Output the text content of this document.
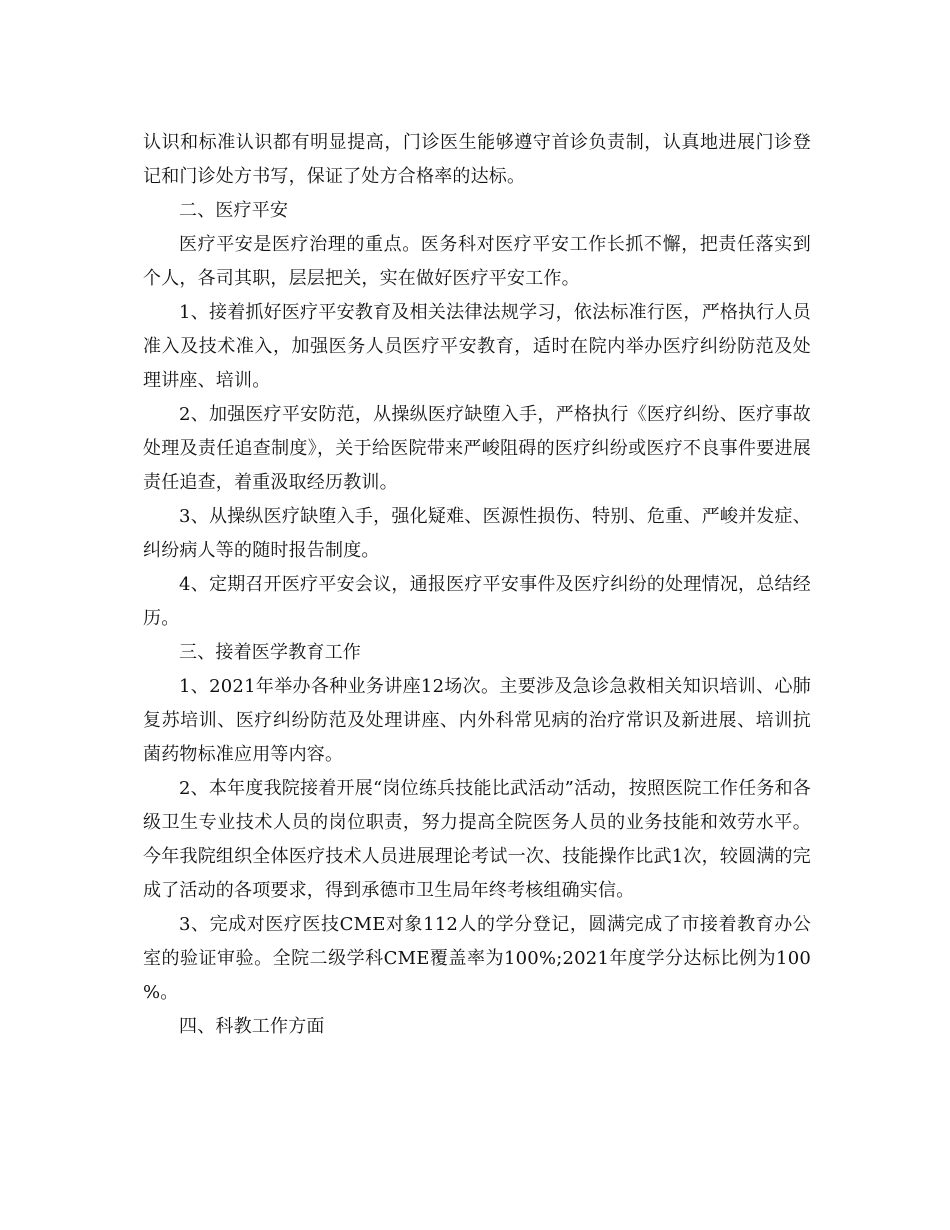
认识和标准认识都有明显提高，门诊医生能够遵守首诊负责制，认真地进展门诊登记和门诊处方书写，保证了处方合格率的达标。

二、医疗平安

医疗平安是医疗治理的重点。医务科对医疗平安工作长抓不懈，把责任落实到个人，各司其职，层层把关，实在做好医疗平安工作。

1、接着抓好医疗平安教育及相关法律法规学习，依法标准行医，严格执行人员准入及技术准入，加强医务人员医疗平安教育，适时在院内举办医疗纠纷防范及处理讲座、培训。

2、加强医疗平安防范，从操纵医疗缺堕入手，严格执行《医疗纠纷、医疗事故处理及责任追查制度》，关于给医院带来严峻阻碍的医疗纠纷或医疗不良事件要进展责任追查，着重汲取经历教训。

3、从操纵医疗缺堕入手，强化疑难、医源性损伤、特别、危重、严峻并发症、纠纷病人等的随时报告制度。

4、定期召开医疗平安会议，通报医疗平安事件及医疗纠纷的处理情况，总结经历。

三、接着医学教育工作

1、2021年举办各种业务讲座12场次。主要涉及急诊急救相关知识培训、心肺复苏培训、医疗纠纷防范及处理讲座、内外科常见病的治疗常识及新进展、培训抗菌药物标准应用等内容。

2、本年度我院接着开展“岗位练兵技能比武活动”活动，按照医院工作任务和各级卫生专业技术人员的岗位职责，努力提高全院医务人员的业务技能和效劳水平。今年我院组织全体医疗技术人员进展理论考试一次、技能操作比武1次，较圆满的完成了活动的各项要求，得到承德市卫生局年终考核组确实信。

3、完成对医疗医技CME对象112人的学分登记，圆满完成了市接着教育办公室的验证审验。全院二级学科CME覆盖率为100%;2021年度学分达标比例为100%。

四、科教工作方面
